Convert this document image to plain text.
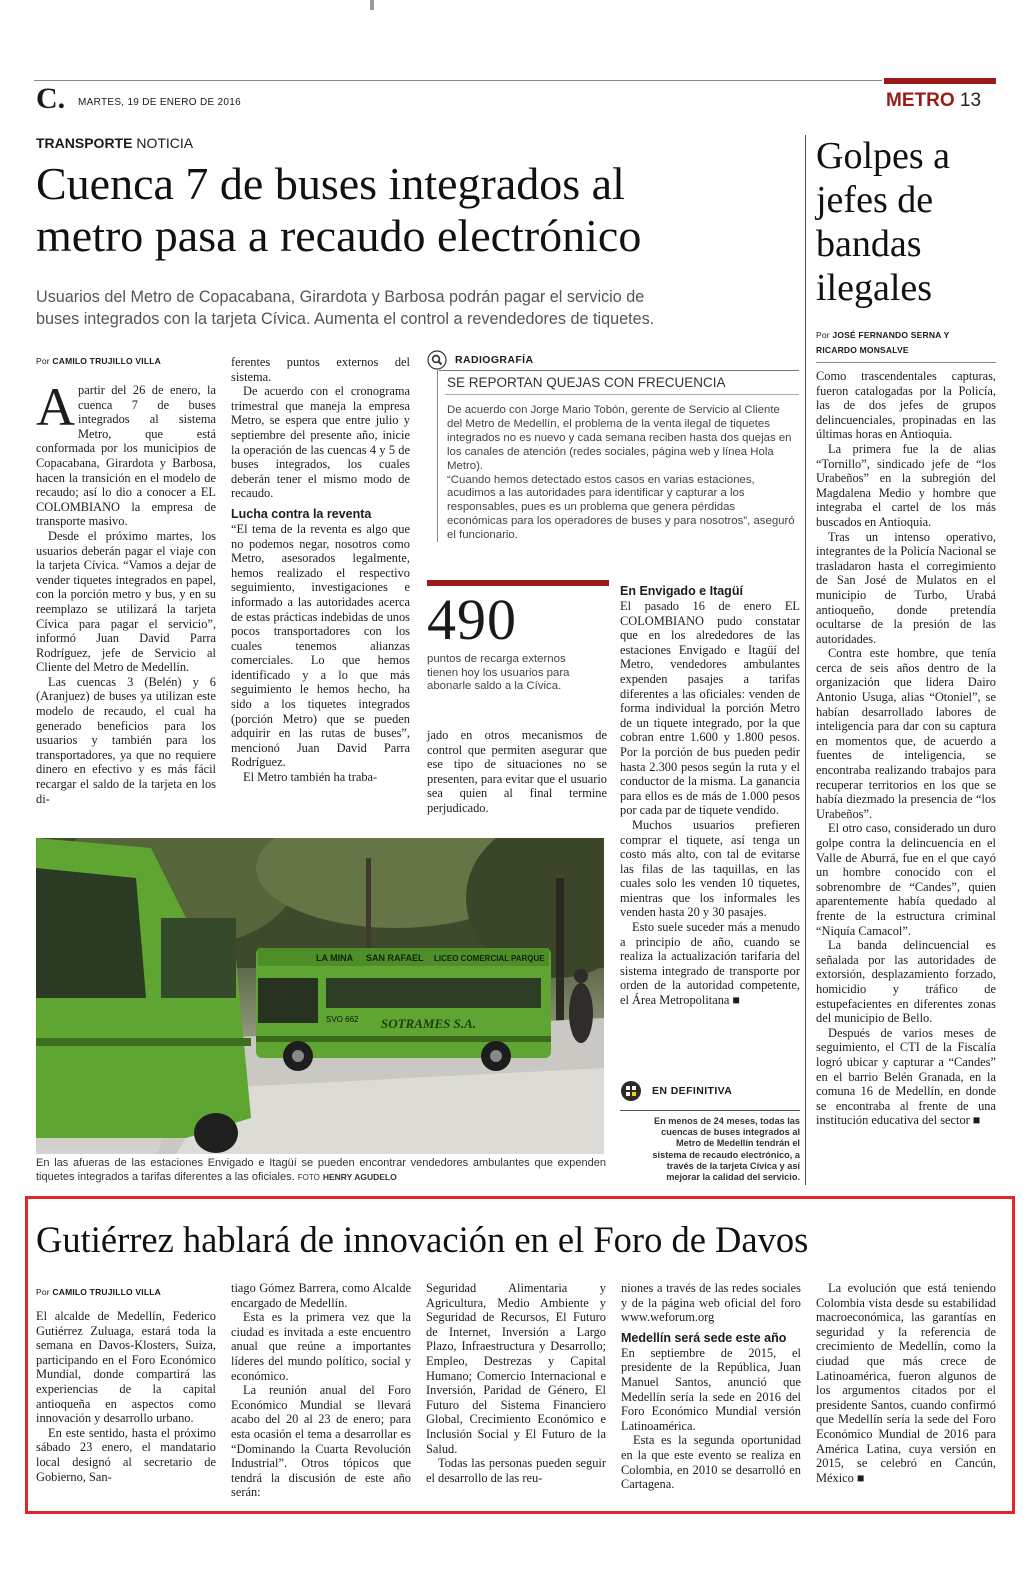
C. MARTES, 19 DE ENERO DE 2016	METRO 13
TRANSPORTE NOTICIA
Cuenca 7 de buses integrados al
metro pasa a recaudo electrónico
Usuarios del Metro de Copacabana, Girardota y Barbosa podrán pagar el servicio de
buses integrados con la tarjeta Cívica. Aumenta el control a revendedores de tiquetes.
Por CAMILO TRUJILLO VILLA

Apartir del 26 de enero, la cuenca 7 de buses integrados al sistema Metro, que está conformada por los municipios de Copacabana, Girardota y Barbosa, hacen la transición en el modelo de recaudo; así lo dio a conocer a EL COLOMBIANO la empresa de transporte masivo.

Desde el próximo martes, los usuarios deberán pagar el viaje con la tarjeta Cívica. “Vamos a dejar de vender tiquetes integrados en papel, con la porción metro y bus, y en su reemplazo se utilizará la tarjeta Cívica para pagar el servicio”, informó Juan David Parra Rodríguez, jefe de Servicio al Cliente del Metro de Medellín.

Las cuencas 3 (Belén) y 6 (Aranjuez) de buses ya utilizan este modelo de recaudo, el cual ha generado beneficios para los usuarios y también para los transportadores, ya que no requiere dinero en efectivo y es más fácil recargar el saldo de la tarjeta en los di-

ferentes puntos externos del sistema.

De acuerdo con el cronograma trimestral que maneja la empresa Metro, se espera que entre julio y septiembre del presente año, inicie la operación de las cuencas 4 y 5 de buses integrados, los cuales deberán tener el mismo modo de recaudo.

Lucha contra la reventa

“El tema de la reventa es algo que no podemos negar, nosotros como Metro, asesorados legalmente, hemos realizado el respectivo seguimiento, investigaciones e informado a las autoridades acerca de estas prácticas indebidas de unos pocos transportadores con los cuales tenemos alianzas comerciales. Lo que hemos identificado y a lo que más seguimiento le hemos hecho, ha sido a los tiquetes integrados (porción Metro) que se pueden adquirir en las rutas de buses”, mencionó Juan David Parra Rodríguez.

El Metro también ha traba-

RADIOGRAFÍA
SE REPORTAN QUEJAS CON FRECUENCIA

De acuerdo con Jorge Mario Tobón, gerente de Servicio al Cliente del Metro de Medellín, el problema de la venta ilegal de tiquetes integrados no es nuevo y cada semana reciben hasta dos quejas en los canales de atención (redes sociales, página web y línea Hola Metro).

“Cuando hemos detectado estos casos en varias estaciones, acudimos a las autoridades para identificar y capturar a los responsables, pues es un problema que genera pérdidas económicas para los operadores de buses y para nosotros”, aseguró el funcionario.

490
puntos de recarga externos tienen hoy los usuarios para abonarle saldo a la Cívica.

jado en otros mecanismos de control que permiten asegurar que ese tipo de situaciones no se presenten, para evitar que el usuario sea quien al final termine perjudicado.

En Envigado e Itagüí

El pasado 16 de enero EL COLOMBIANO pudo constatar que en los alrededores de las estaciones Envigado e Itagüí del Metro, vendedores ambulantes expenden pasajes a tarifas diferentes a las oficiales: venden de forma individual la porción Metro de un tiquete integrado, por la que cobran entre 1.600 y 1.800 pesos. Por la porción de bus pueden pedir hasta 2.300 pesos según la ruta y el conductor de la misma. La ganancia para ellos es de más de 1.000 pesos por cada par de tiquete vendido.

Muchos usuarios prefieren comprar el tiquete, así tenga un costo más alto, con tal de evitarse las filas de las taquillas, en las cuales solo les venden 10 tiquetes, mientras que los informales les venden hasta 20 y 30 pasajes.

Esto suele suceder más a menudo a principio de año, cuando se realiza la actualización tarifaria del sistema integrado de transporte por orden de la autoridad competente, el Área Metropolitana ■

EN DEFINITIVA
En menos de 24 meses, todas las cuencas de buses integrados al Metro de Medellín tendrán el sistema de recaudo electrónico, a través de la tarjeta Cívica y así mejorar la calidad del servicio.
LA MINA SAN RAFAEL LICEO COMERCIAL PARQUE
SOTRAMES S.A.
SVO 662
En las afueras de las estaciones Envigado e Itagüí se pueden encontrar vendedores ambulantes que expenden tiquetes integrados a tarifas diferentes a las oficiales. FOTO HENRY AGUDELO
Golpes a
jefes de
bandas
ilegales
Por JOSÉ FERNANDO SERNA Y
RICARDO MONSALVE

Como trascendentales capturas, fueron catalogadas por la Policía, las de dos jefes de grupos delincuenciales, propinadas en las últimas horas en Antioquia.

La primera fue la de alias “Tornillo”, sindicado jefe de “los Urabeños” en la subregión del Magdalena Medio y hombre que integraba el cartel de los más buscados en Antioquia.

Tras un intenso operativo, integrantes de la Policía Nacional se trasladaron hasta el corregimiento de San José de Mulatos en el municipio de Turbo, Urabá antioqueño, donde pretendía ocultarse de la presión de las autoridades.

Contra este hombre, que tenía cerca de seis años dentro de la organización que lidera Dairo Antonio Usuga, alias “Otoniel”, se habían desarrollado labores de inteligencia para dar con su captura en momentos que, de acuerdo a fuentes de inteligencia, se encontraba realizando trabajos para recuperar territorios en los que se había diezmado la presencia de “los Urabeños”.

El otro caso, considerado un duro golpe contra la delincuencia en el Valle de Aburrá, fue en el que cayó un hombre conocido con el sobrenombre de “Candes”, quien aparentemente había quedado al frente de la estructura criminal “Niquía Camacol”.

La banda delincuencial es señalada por las autoridades de extorsión, desplazamiento forzado, homicidio y tráfico de estupefacientes en diferentes zonas del municipio de Bello.

Después de varios meses de seguimiento, el CTI de la Fiscalía logró ubicar y capturar a “Candes” en el barrio Belén Granada, en la comuna 16 de Medellín, en donde se encontraba al frente de una institución educativa del sector ■

Gutiérrez hablará de innovación en el Foro de Davos
Por CAMILO TRUJILLO VILLA

El alcalde de Medellín, Federico Gutiérrez Zuluaga, estará toda la semana en Davos-Klosters, Suiza, participando en el Foro Económico Mundial, donde compartirá las experiencias de la capital antioqueña en aspectos como innovación y desarrollo urbano.

En este sentido, hasta el próximo sábado 23 enero, el mandatario local designó al secretario de Gobierno, San-

tiago Gómez Barrera, como Alcalde encargado de Medellín.

Esta es la primera vez que la ciudad es invitada a este encuentro anual que reúne a importantes líderes del mundo político, social y económico.

La reunión anual del Foro Económico Mundial se llevará acabo del 20 al 23 de enero; para esta ocasión el tema a desarrollar es “Dominando la Cuarta Revolución Industrial”. Otros tópicos que tendrá la discusión de este año serán:

Seguridad Alimentaria y Agricultura, Medio Ambiente y Seguridad de Recursos, El Futuro de Internet, Inversión a Largo Plazo, Infraestructura y Desarrollo; Empleo, Destrezas y Capital Humano; Comercio Internacional e Inversión, Paridad de Género, El Futuro del Sistema Financiero Global, Crecimiento Económico e Inclusión Social y El Futuro de la Salud.

Todas las personas pueden seguir el desarrollo de las reu-

niones a través de las redes sociales y de la página web oficial del foro www.weforum.org

Medellín será sede este año

En septiembre de 2015, el presidente de la República, Juan Manuel Santos, anunció que Medellín sería la sede en 2016 del Foro Económico Mundial versión Latinoamérica.

Esta es la segunda oportunidad en la que este evento se realiza en Colombia, en 2010 se desarrolló en Cartagena.

La evolución que está teniendo Colombia vista desde su estabilidad macroeconómica, las garantías en seguridad y la referencia de crecimiento de Medellín, como la ciudad que más crece de Latinoamérica, fueron algunos de los argumentos citados por el presidente Santos, cuando confirmó que Medellín sería la sede del Foro Económico Mundial de 2016 para América Latina, cuya versión en 2015, se celebró en Cancún, México ■
